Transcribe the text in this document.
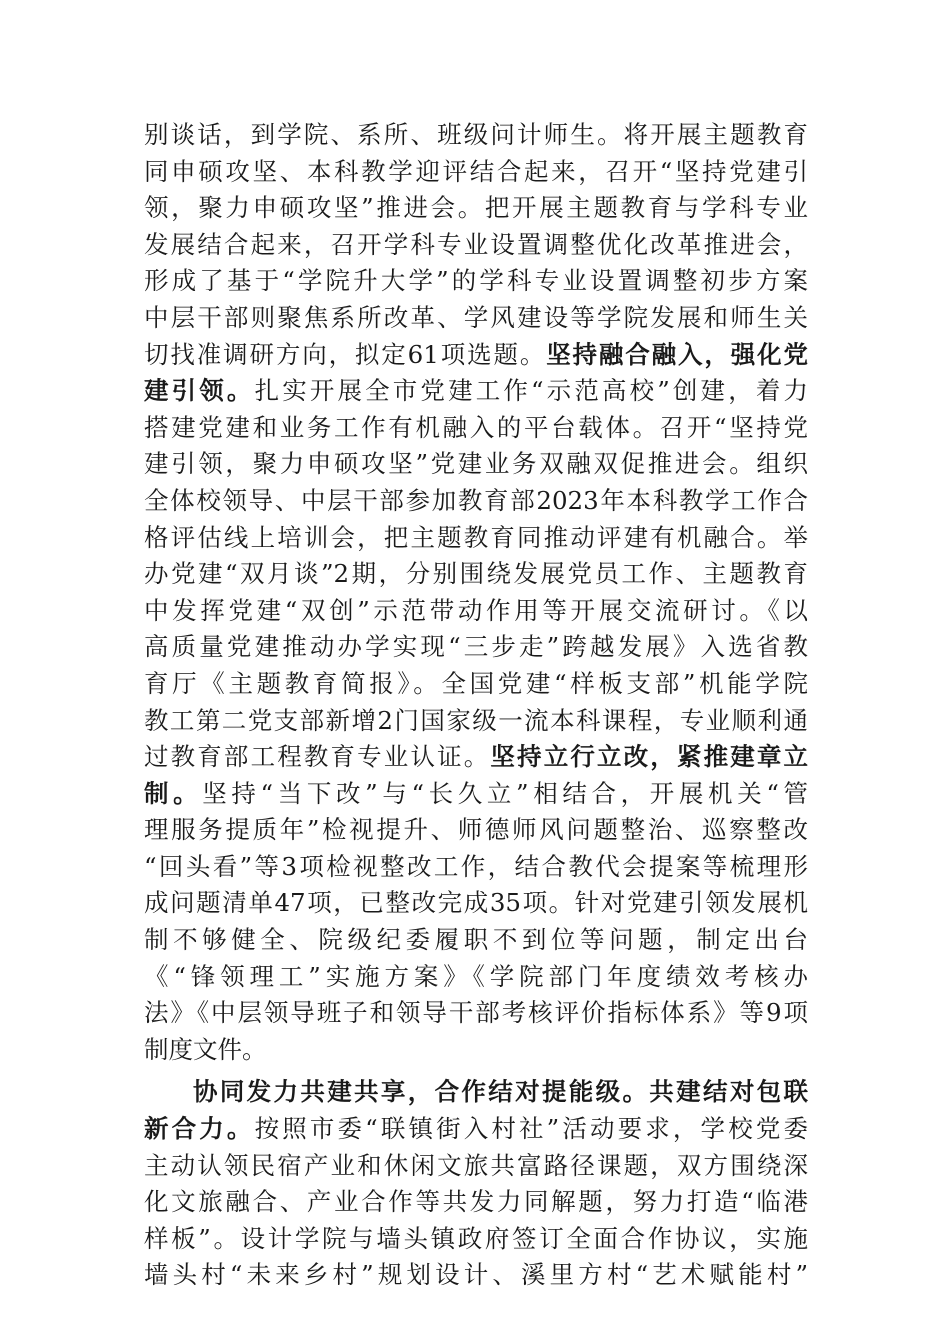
别谈话，到学院、系所、班级问计师生。将开展主题教育
同申硕攻坚、本科教学迎评结合起来，召开“坚持党建引
领，聚力申硕攻坚”推进会。把开展主题教育与学科专业
发展结合起来，召开学科专业设置调整优化改革推进会，
形成了基于“学院升大学”的学科专业设置调整初步方案
中层干部则聚焦系所改革、学风建设等学院发展和师生关
切找准调研方向，拟定61项选题。坚持融合融入，强化党
建引领。扎实开展全市党建工作“示范高校”创建，着力
搭建党建和业务工作有机融入的平台载体。召开“坚持党
建引领，聚力申硕攻坚”党建业务双融双促推进会。组织
全体校领导、中层干部参加教育部2023年本科教学工作合
格评估线上培训会，把主题教育同推动评建有机融合。举
办党建“双月谈”2期，分别围绕发展党员工作、主题教育
中发挥党建“双创”示范带动作用等开展交流研讨。《以
高质量党建推动办学实现“三步走”跨越发展》入选省教
育厅《主题教育简报》。全国党建“样板支部”机能学院
教工第二党支部新增2门国家级一流本科课程，专业顺利通
过教育部工程教育专业认证。坚持立行立改，紧推建章立
制。坚持“当下改”与“长久立”相结合，开展机关“管
理服务提质年”检视提升、师德师风问题整治、巡察整改
“回头看”等3项检视整改工作，结合教代会提案等梳理形
成问题清单47项，已整改完成35项。针对党建引领发展机
制不够健全、院级纪委履职不到位等问题，制定出台
《“锋领理工”实施方案》《学院部门年度绩效考核办
法》《中层领导班子和领导干部考核评价指标体系》等9项
制度文件。
协同发力共建共享，合作结对提能级。共建结对包联
新合力。按照市委“联镇街入村社”活动要求，学校党委
主动认领民宿产业和休闲文旅共富路径课题，双方围绕深
化文旅融合、产业合作等共发力同解题，努力打造“临港
样板”。设计学院与墙头镇政府签订全面合作协议，实施
墙头村“未来乡村”规划设计、溪里方村“艺术赋能村”
